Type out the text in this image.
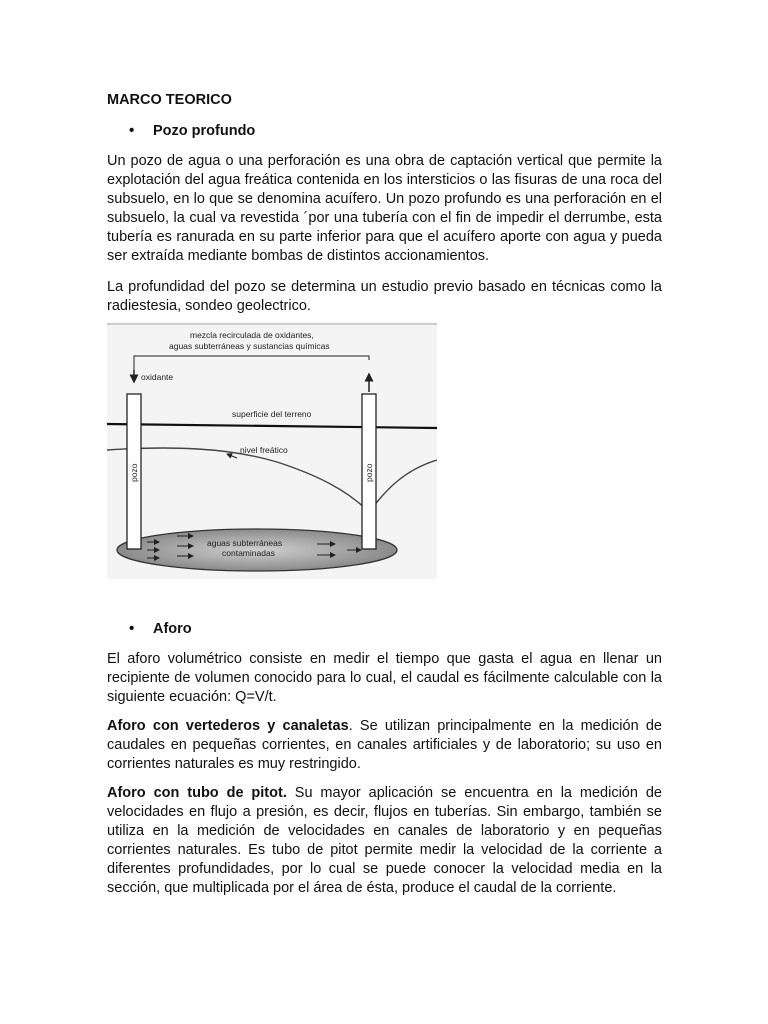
MARCO TEORICO
• Pozo profundo
Un pozo de agua o una perforación es una obra de captación vertical que permite la explotación del agua freática contenida en los intersticios o las fisuras de una roca del subsuelo, en lo que se denomina acuífero. Un pozo profundo es una perforación en el subsuelo, la cual va revestida ´por una tubería con el fin de impedir el derrumbe, esta tubería es ranurada en su parte inferior para que el acuífero aporte con agua y pueda ser extraída mediante bombas de distintos accionamientos.
La profundidad del pozo se determina un estudio previo basado en técnicas como la radiestesia, sondeo geolectrico.
mezcla recirculada de oxidantes,
aguas subterráneas y sustancias químicas
oxidante
aguas subterráneas
contaminadas
nivel freático
superficie del terreno
pozo	pozo
• Aforo
El aforo volumétrico consiste en medir el tiempo que gasta el agua en llenar un recipiente de volumen conocido para lo cual, el caudal es fácilmente calculable con la siguiente ecuación: Q=V/t.
Aforo con vertederos y canaletas. Se utilizan principalmente en la medición de caudales en pequeñas corrientes, en canales artificiales y de laboratorio; su uso en corrientes naturales es muy restringido.
Aforo con tubo de pitot. Su mayor aplicación se encuentra en la medición de velocidades en flujo a presión, es decir, flujos en tuberías. Sin embargo, también se utiliza en la medición de velocidades en canales de laboratorio y en pequeñas corrientes naturales. Es tubo de pitot permite medir la velocidad de la corriente a diferentes profundidades, por lo cual se puede conocer la velocidad media en la sección, que multiplicada por el área de ésta, produce el caudal de la corriente.
